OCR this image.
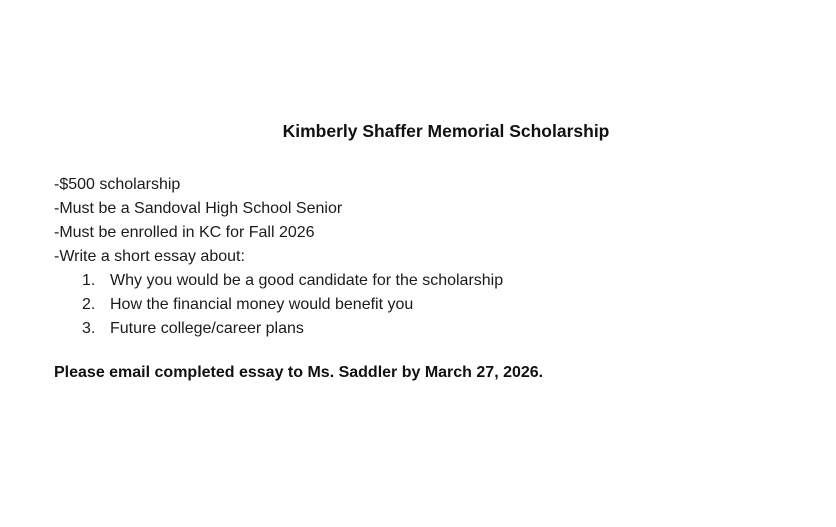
Kimberly Shaffer Memorial Scholarship

-$500 scholarship

-Must be a Sandoval High School Senior

-Must be enrolled in KC for Fall 2026

-Write a short essay about:

1. Why you would be a good candidate for the scholarship
2. How the financial money would benefit you
3. Future college/career plans

Please email completed essay to Ms. Saddler by March 27, 2026.
